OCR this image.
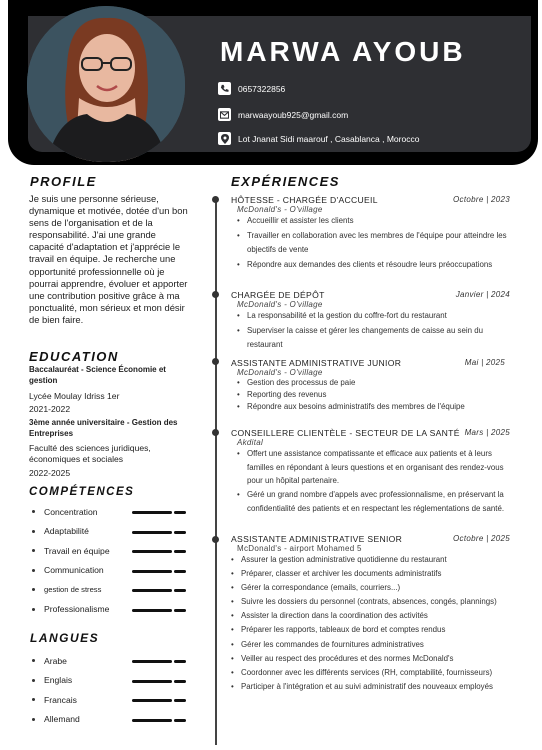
MARWA AYOUB
0657322856
marwaayoub925@gmail.com
Lot Jnanat Sidi maarouf , Casablanca , Morocco
PROFILE
Je suis une personne sérieuse, dynamique et motivée, dotée d'un bon sens de l'organisation et de la responsabilité. J'ai une grande capacité d'adaptation et j'apprécie le travail en équipe. Je recherche une opportunité professionnelle où je pourrai apprendre, évoluer et apporter une contribution positive grâce à ma ponctualité, mon sérieux et mon désir de bien faire.
EDUCATION
Baccalauréat - Science Économie et gestion
Lycée Moulay Idriss 1er
2021-2022
3ème année universitaire - Gestion des Entreprises
Faculté des sciences juridiques, économiques et sociales
2022-2025
COMPÉTENCES
Concentration
Adaptabilité
Travail en équipe
Communication
gestion de stress
Professionalisme
LANGUES
Arabe
Englais
Francais
Allemand
EXPÉRIENCES
HÔTESSE - CHARGÉE D'ACCUEIL	Octobre | 2023
McDonald's - O'village
• Accueillir et assister les clients
• Travailler en collaboration avec les membres de l'équipe pour atteindre les objectifs de vente
• Répondre aux demandes des clients et résoudre leurs préoccupations
CHARGÉE DE DÉPÔT	Janvier | 2024
McDonald's - O'village
• La responsabilité et la gestion du coffre-fort du restaurant
• Superviser la caisse et gérer les changements de caisse au sein du restaurant
ASSISTANTE ADMINISTRATIVE JUNIOR	Mai | 2025
McDonald's - O'village
• Gestion des processus de paie
• Reporting des revenus
• Répondre aux besoins administratifs des membres de l'équipe
CONSEILLERE CLIENTÈLE - SECTEUR DE LA SANTÉ Mars | 2025
Akdital
• Offert une assistance compatissante et efficace aux patients et à leurs familles en répondant à leurs questions et en organisant des rendez-vous pour un hôpital partenaire.
• Géré un grand nombre d'appels avec professionnalisme, en préservant la confidentialité des patients et en respectant les réglementations de santé.
ASSISTANTE ADMINISTRATIVE SENIOR	Octobre | 2025
McDonald's - airport Mohamed 5
• Assurer la gestion administrative quotidienne du restaurant
• Préparer, classer et archiver les documents administratifs
• Gérer la correspondance (emails, courriers...)
• Suivre les dossiers du personnel (contrats, absences, congés, plannings)
• Assister la direction dans la coordination des activités
• Préparer les rapports, tableaux de bord et comptes rendus
• Gérer les commandes de fournitures administratives
• Veiller au respect des procédures et des normes McDonald's
• Coordonner avec les différents services (RH, comptabilité, fournisseurs)
• Participer à l'intégration et au suivi administratif des nouveaux employés
